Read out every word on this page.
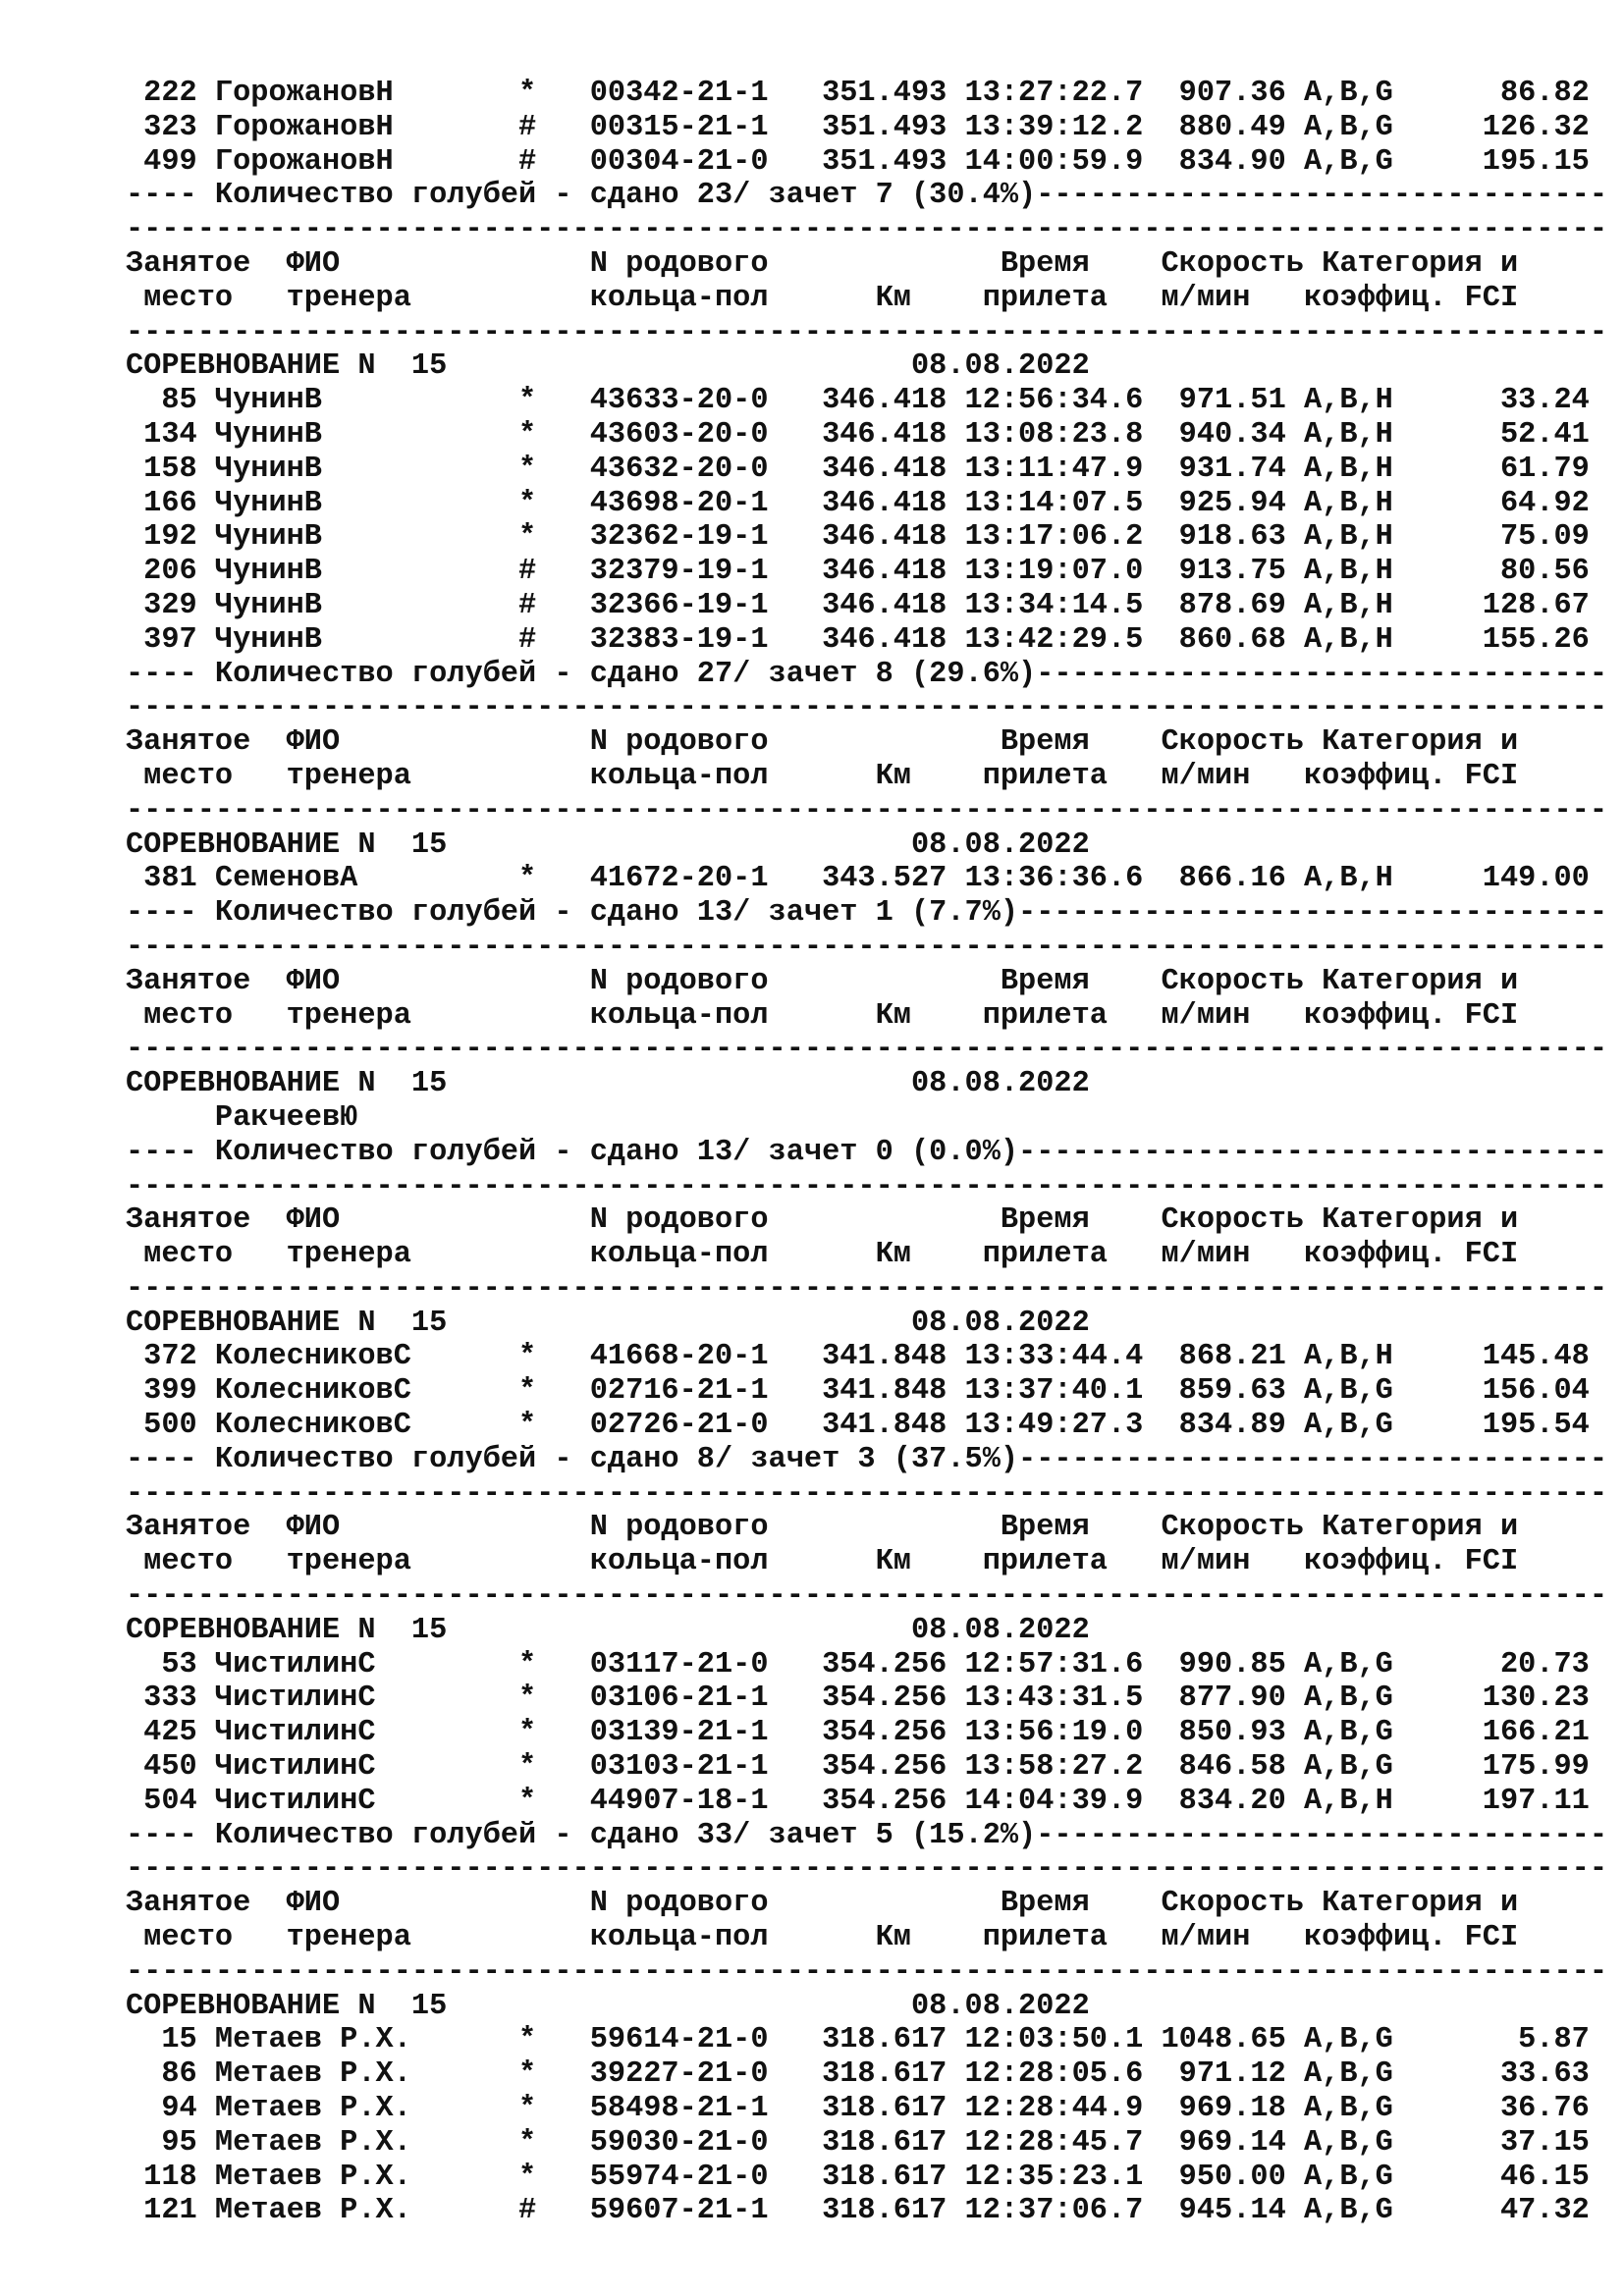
222 ГорожановН       *   00342-21-1   351.493 13:27:22.7  907.36 A,B,G      86.82
323 ГорожановН       #   00315-21-1   351.493 13:39:12.2  880.49 A,B,G     126.32
499 ГорожановН       #   00304-21-0   351.493 14:00:59.9  834.90 A,B,G     195.15
---- Количество голубей - сдано 23/ зачет 7 (30.4%)--------------------------------
-----------------------------------------------------------------------------------
Занятое  ФИО              N родового             Время    Скорость Категория и
место   тренера          кольца-пол      Км    прилета   м/мин   коэффиц. FCI
-----------------------------------------------------------------------------------
СОРЕВНОВАНИЕ N  15                          08.08.2022
85 ЧунинВ           *   43633-20-0   346.418 12:56:34.6  971.51 A,B,H      33.24
134 ЧунинВ           *   43603-20-0   346.418 13:08:23.8  940.34 A,B,H      52.41
158 ЧунинВ           *   43632-20-0   346.418 13:11:47.9  931.74 A,B,H      61.79
166 ЧунинВ           *   43698-20-1   346.418 13:14:07.5  925.94 A,B,H      64.92
192 ЧунинВ           *   32362-19-1   346.418 13:17:06.2  918.63 A,B,H      75.09
206 ЧунинВ           #   32379-19-1   346.418 13:19:07.0  913.75 A,B,H      80.56
329 ЧунинВ           #   32366-19-1   346.418 13:34:14.5  878.69 A,B,H     128.67
397 ЧунинВ           #   32383-19-1   346.418 13:42:29.5  860.68 A,B,H     155.26
---- Количество голубей - сдано 27/ зачет 8 (29.6%)--------------------------------
-----------------------------------------------------------------------------------
Занятое  ФИО              N родового             Время    Скорость Категория и
место   тренера          кольца-пол      Км    прилета   м/мин   коэффиц. FCI
-----------------------------------------------------------------------------------
СОРЕВНОВАНИЕ N  15                          08.08.2022
381 СеменовА         *   41672-20-1   343.527 13:36:36.6  866.16 A,B,H     149.00
---- Количество голубей - сдано 13/ зачет 1 (7.7%)---------------------------------
-----------------------------------------------------------------------------------
Занятое  ФИО              N родового             Время    Скорость Категория и
место   тренера          кольца-пол      Км    прилета   м/мин   коэффиц. FCI
-----------------------------------------------------------------------------------
СОРЕВНОВАНИЕ N  15                          08.08.2022
РакчеевЮ
---- Количество голубей - сдано 13/ зачет 0 (0.0%)---------------------------------
-----------------------------------------------------------------------------------
Занятое  ФИО              N родового             Время    Скорость Категория и
место   тренера          кольца-пол      Км    прилета   м/мин   коэффиц. FCI
-----------------------------------------------------------------------------------
СОРЕВНОВАНИЕ N  15                          08.08.2022
372 КолесниковС      *   41668-20-1   341.848 13:33:44.4  868.21 A,B,H     145.48
399 КолесниковС      *   02716-21-1   341.848 13:37:40.1  859.63 A,B,G     156.04
500 КолесниковС      *   02726-21-0   341.848 13:49:27.3  834.89 A,B,G     195.54
---- Количество голубей - сдано 8/ зачет 3 (37.5%)---------------------------------
-----------------------------------------------------------------------------------
Занятое  ФИО              N родового             Время    Скорость Категория и
место   тренера          кольца-пол      Км    прилета   м/мин   коэффиц. FCI
-----------------------------------------------------------------------------------
СОРЕВНОВАНИЕ N  15                          08.08.2022
53 ЧистилинС        *   03117-21-0   354.256 12:57:31.6  990.85 A,B,G      20.73
333 ЧистилинС        *   03106-21-1   354.256 13:43:31.5  877.90 A,B,G     130.23
425 ЧистилинС        *   03139-21-1   354.256 13:56:19.0  850.93 A,B,G     166.21
450 ЧистилинС        *   03103-21-1   354.256 13:58:27.2  846.58 A,B,G     175.99
504 ЧистилинС        *   44907-18-1   354.256 14:04:39.9  834.20 A,B,H     197.11
---- Количество голубей - сдано 33/ зачет 5 (15.2%)--------------------------------
-----------------------------------------------------------------------------------
Занятое  ФИО              N родового             Время    Скорость Категория и
место   тренера          кольца-пол      Км    прилета   м/мин   коэффиц. FCI
-----------------------------------------------------------------------------------
СОРЕВНОВАНИЕ N  15                          08.08.2022
15 Метаев Р.Х.      *   59614-21-0   318.617 12:03:50.1 1048.65 A,B,G       5.87
86 Метаев Р.Х.      *   39227-21-0   318.617 12:28:05.6  971.12 A,B,G      33.63
94 Метаев Р.Х.      *   58498-21-1   318.617 12:28:44.9  969.18 A,B,G      36.76
95 Метаев Р.Х.      *   59030-21-0   318.617 12:28:45.7  969.14 A,B,G      37.15
118 Метаев Р.Х.      *   55974-21-0   318.617 12:35:23.1  950.00 A,B,G      46.15
121 Метаев Р.Х.      #   59607-21-1   318.617 12:37:06.7  945.14 A,B,G      47.32
